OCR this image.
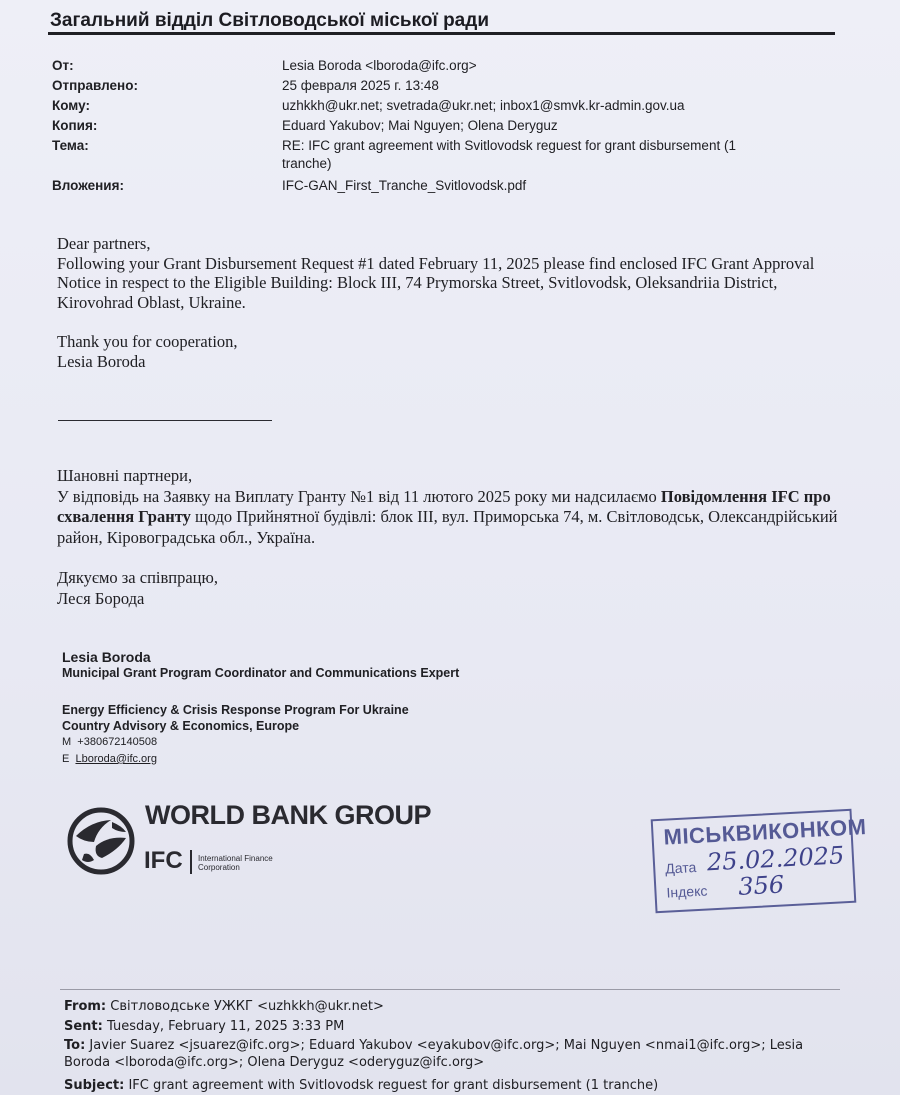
Загальний відділ Світловодської міської ради
От:	Lesia Boroda <lboroda@ifc.org>
Отправлено:	25 февраля 2025 г. 13:48
Кому:	uzhkkh@ukr.net; svetrada@ukr.net; inbox1@smvk.kr-admin.gov.ua
Копия:	Eduard Yakubov; Mai Nguyen; Olena Deryguz
Тема:	RE: IFC grant agreement with Svitlovodsk reguest for grant disbursement (1 tranche)
Вложения:	IFC-GAN_First_Tranche_Svitlovodsk.pdf

Dear partners,

Following your Grant Disbursement Request #1 dated February 11, 2025 please find enclosed IFC Grant Approval Notice in respect to the Eligible Building: Block III, 74 Prymorska Street, Svitlovodsk, Oleksandriia District, Kirovohrad Oblast, Ukraine.

Thank you for cooperation,

Lesia Boroda

Шановні партнери,

У відповідь на Заявку на Виплату Гранту №1 від 11 лютого 2025 року ми надсилаємо Повідомлення IFC про схвалення Гранту щодо Прийнятної будівлі: блок III, вул. Приморська 74, м. Світловодськ, Олександрійський район, Кіровоградська обл., Україна.

Дякуємо за співпрацю,

Леся Борода

Lesia Boroda
Municipal Grant Program Coordinator and Communications Expert
Energy Efficiency & Crisis Response Program For Ukraine
Country Advisory & Economics, Europe
M +380672140508
E Lboroda@ifc.org
WORLD BANK GROUP
IFC International Finance Corporation
МІСЬКВИКОНКОМ
Дата 25.02.2025
Індекс 356
From: Світловодське УЖКГ <uzhkkh@ukr.net>
Sent: Tuesday, February 11, 2025 3:33 PM
To: Javier Suarez <jsuarez@ifc.org>; Eduard Yakubov <eyakubov@ifc.org>; Mai Nguyen <nmai1@ifc.org>; Lesia Boroda <lboroda@ifc.org>; Olena Deryguz <oderyguz@ifc.org>
Subject: IFC grant agreement with Svitlovodsk reguest for grant disbursement (1 tranche)
